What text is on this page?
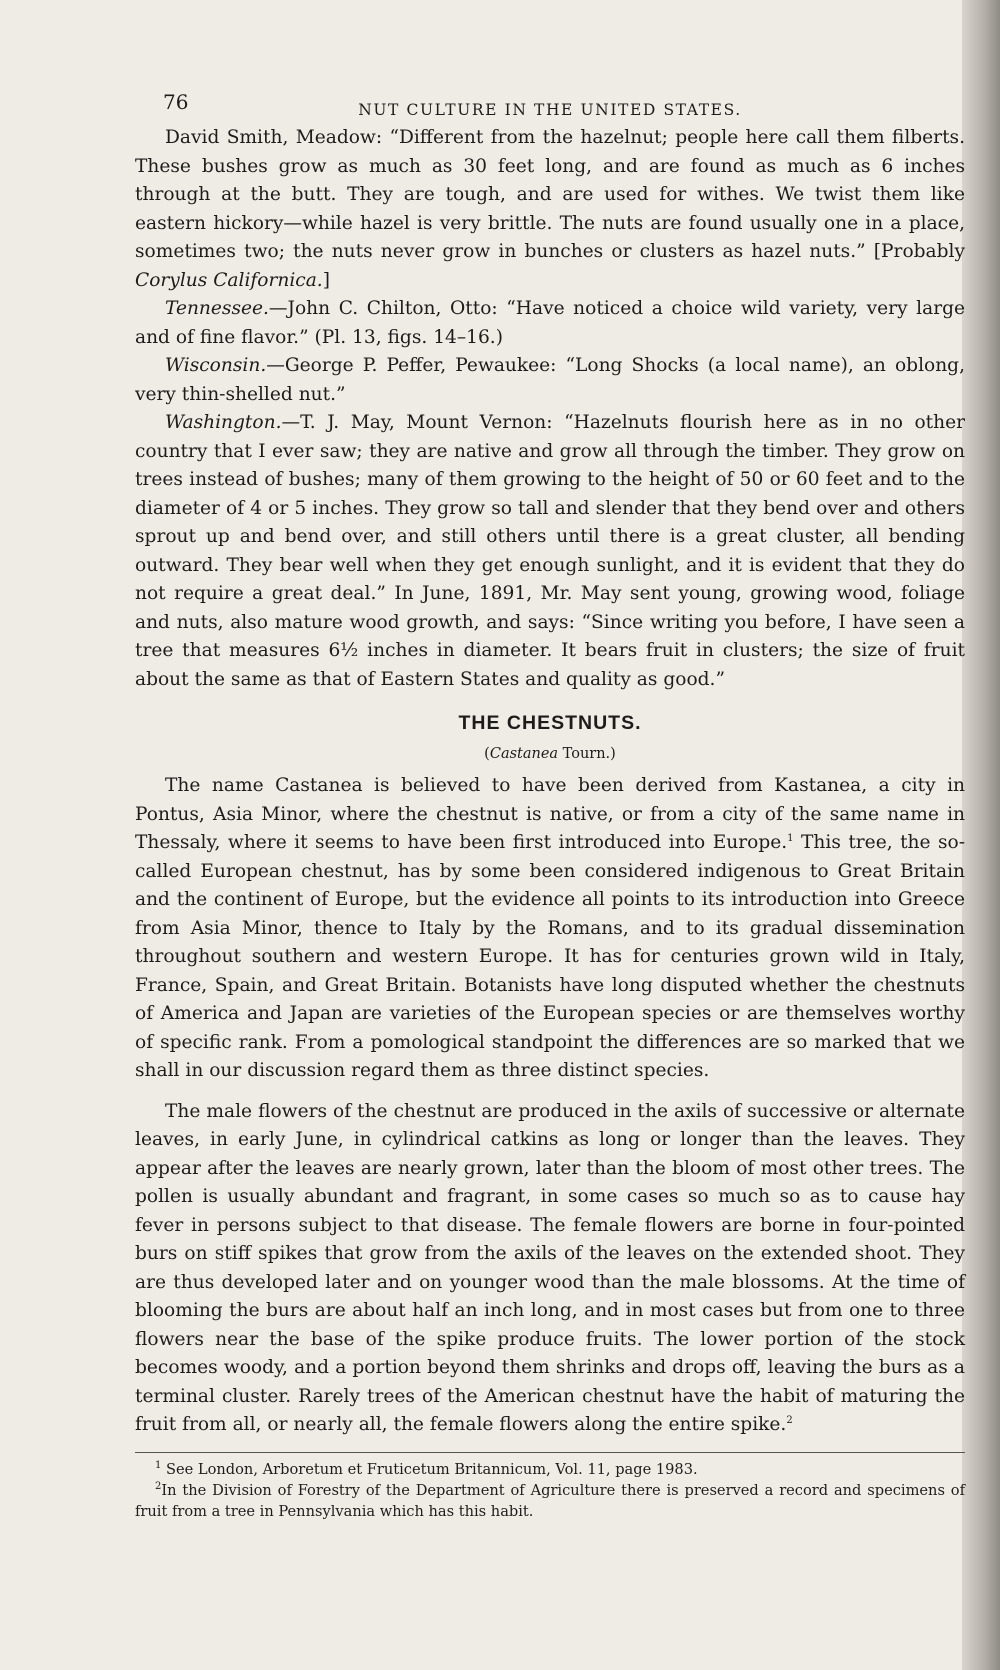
76	NUT CULTURE IN THE UNITED STATES.

David Smith, Meadow: “Different from the hazelnut; people here call them filberts. These bushes grow as much as 30 feet long, and are found as much as 6 inches through at the butt. They are tough, and are used for withes. We twist them like eastern hickory—while hazel is very brittle. The nuts are found usually one in a place, sometimes two; the nuts never grow in bunches or clusters as hazel nuts.” [Probably Corylus Californica.]

Tennessee.—John C. Chilton, Otto: “Have noticed a choice wild variety, very large and of fine flavor.” (Pl. 13, figs. 14–16.)

Wisconsin.—George P. Peffer, Pewaukee: “Long Shocks (a local name), an oblong, very thin-shelled nut.”

Washington.—T. J. May, Mount Vernon: “Hazelnuts flourish here as in no other country that I ever saw; they are native and grow all through the timber. They grow on trees instead of bushes; many of them growing to the height of 50 or 60 feet and to the diameter of 4 or 5 inches. They grow so tall and slender that they bend over and others sprout up and bend over, and still others until there is a great cluster, all bending outward. They bear well when they get enough sunlight, and it is evident that they do not require a great deal.” In June, 1891, Mr. May sent young, growing wood, foliage and nuts, also mature wood growth, and says: “Since writing you before, I have seen a tree that measures 6½ inches in diameter. It bears fruit in clusters; the size of fruit about the same as that of Eastern States and quality as good.”

THE CHESTNUTS.
(Castanea Tourn.)

The name Castanea is believed to have been derived from Kastanea, a city in Pontus, Asia Minor, where the chestnut is native, or from a city of the same name in Thessaly, where it seems to have been first introduced into Europe.$^1$ This tree, the so-called European chestnut, has by some been considered indigenous to Great Britain and the continent of Europe, but the evidence all points to its introduction into Greece from Asia Minor, thence to Italy by the Romans, and to its gradual dissemination throughout southern and western Europe. It has for centuries grown wild in Italy, France, Spain, and Great Britain. Botanists have long disputed whether the chestnuts of America and Japan are varieties of the European species or are themselves worthy of specific rank. From a pomological standpoint the differences are so marked that we shall in our discussion regard them as three distinct species.

The male flowers of the chestnut are produced in the axils of successive or alternate leaves, in early June, in cylindrical catkins as long or longer than the leaves. They appear after the leaves are nearly grown, later than the bloom of most other trees. The pollen is usually abundant and fragrant, in some cases so much so as to cause hay fever in persons subject to that disease. The female flowers are borne in four-pointed burs on stiff spikes that grow from the axils of the leaves on the extended shoot. They are thus developed later and on younger wood than the male blossoms. At the time of blooming the burs are about half an inch long, and in most cases but from one to three flowers near the base of the spike produce fruits. The lower portion of the stock becomes woody, and a portion beyond them shrinks and drops off, leaving the burs as a terminal cluster. Rarely trees of the American chestnut have the habit of maturing the fruit from all, or nearly all, the female flowers along the entire spike.$^2$

$^1$ See London, Arboretum et Fruticetum Britannicum, Vol. 11, page 1983.

$^2$In the Division of Forestry of the Department of Agriculture there is preserved a record and specimens of fruit from a tree in Pennsylvania which has this habit.
